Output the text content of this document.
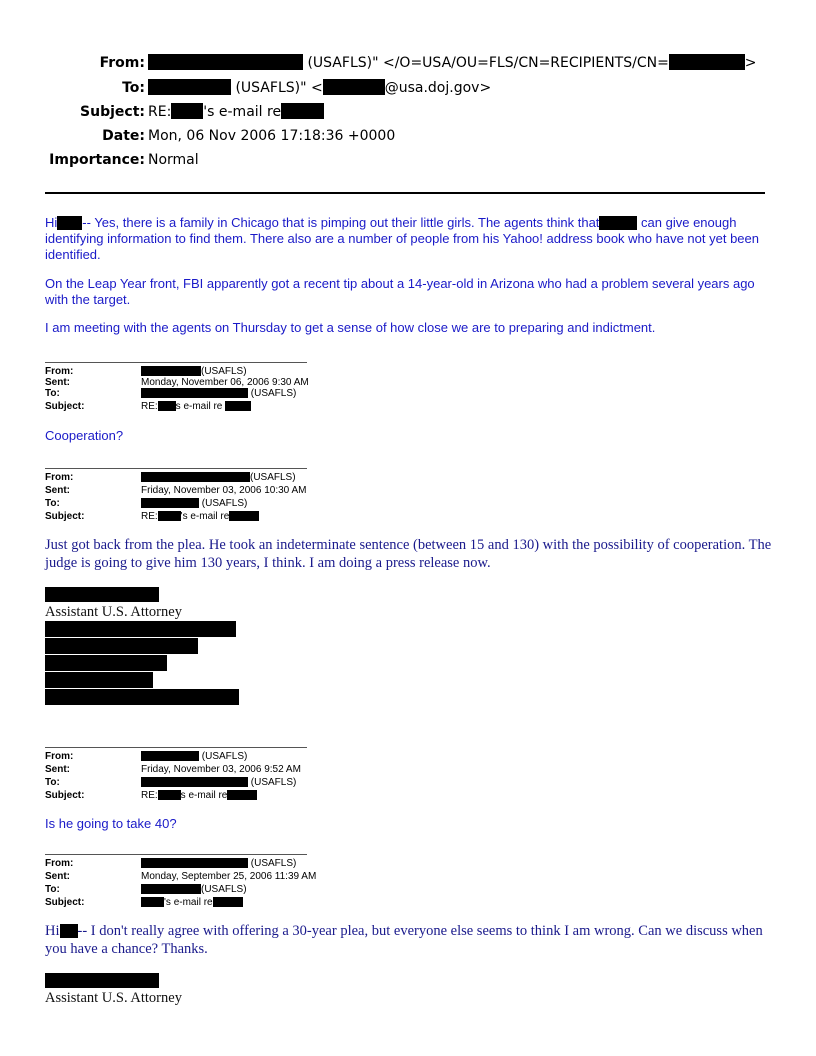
From:	(USAFLS)" </O=USA/OU=FLS/CN=RECIPIENTS/CN=	>
To:	(USAFLS)" <	@usa.doj.gov>
Subject: RE: 's e-mail re
Date: Mon, 06 Nov 2006 17:18:36 +0000
Importance: Normal

Hi -- Yes, there is a family in Chicago that is pimping out their little girls. The agents think that	can give enough identifying information to find them. There also are a number of people from his Yahoo! address book who have not yet been identified.

On the Leap Year front, FBI apparently got a recent tip about a 14-year-old in Arizona who had a problem several years ago with the target.

I am meeting with the agents on Thursday to get a sense of how close we are to preparing and indictment.

From:	(USAFLS)
Sent:	Monday, November 06, 2006 9:30 AM
To:	(USAFLS)
Subject:	RE: s e-mail re

Cooperation?

From:	(USAFLS)
Sent:	Friday, November 03, 2006 10:30 AM
To:	(USAFLS)
Subject:	RE: 's e-mail re

Just got back from the plea. He took an indeterminate sentence (between 15 and 130) with the possibility of cooperation. The judge is going to give him 130 years, I think. I am doing a press release now.

Assistant U.S. Attorney
From:	(USAFLS)
Sent:	Friday, November 03, 2006 9:52 AM
To:	(USAFLS)
Subject:	RE: s e-mail re

Is he going to take 40?

From:	(USAFLS)
Sent:	Monday, September 25, 2006 11:39 AM
To:	(USAFLS)
Subject:	's e-mail re

Hi -- I don't really agree with offering a 30-year plea, but everyone else seems to think I am wrong. Can we discuss when you have a chance? Thanks.

Assistant U.S. Attorney
